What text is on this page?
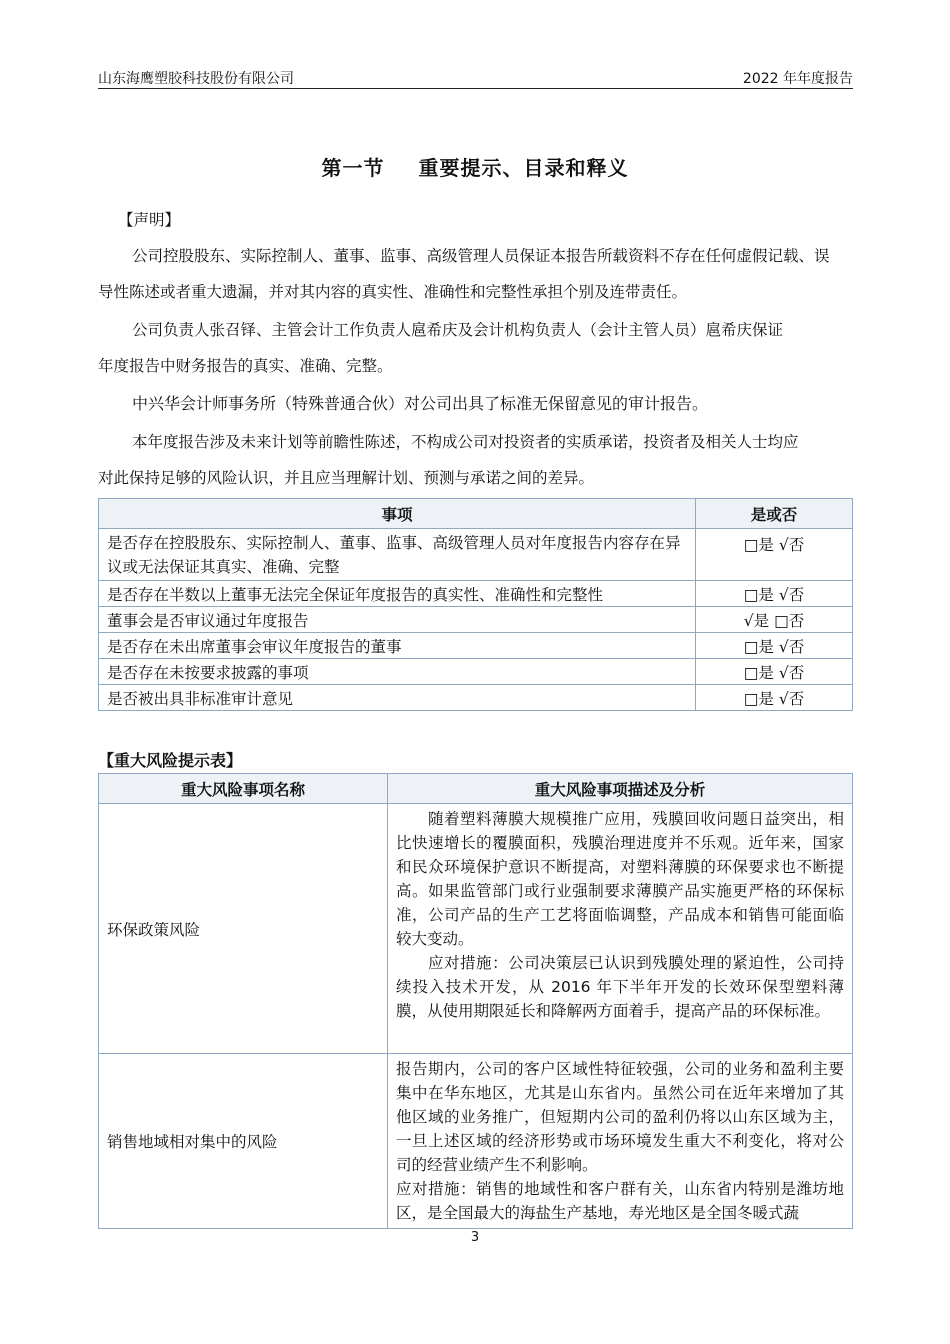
山东海鹰塑胶科技股份有限公司	2022 年年度报告
第一节 重要提示、目录和释义
【声明】
公司控股股东、实际控制人、董事、监事、高级管理人员保证本报告所载资料不存在任何虚假记载、误
导性陈述或者重大遗漏，并对其内容的真实性、准确性和完整性承担个别及连带责任。
公司负责人张召铎、主管会计工作负责人扈希庆及会计机构负责人（会计主管人员）扈希庆保证
年度报告中财务报告的真实、准确、完整。
中兴华会计师事务所（特殊普通合伙）对公司出具了标准无保留意见的审计报告。
本年度报告涉及未来计划等前瞻性陈述，不构成公司对投资者的实质承诺，投资者及相关人士均应
对此保持足够的风险认识，并且应当理解计划、预测与承诺之间的差异。
事项	是或否
是否存在控股股东、实际控制人、董事、监事、高级管理人员对年度报告内容存在异议或无法保证其真实、准确、完整	□是 √否
是否存在半数以上董事无法完全保证年度报告的真实性、准确性和完整性	□是 √否
董事会是否审议通过年度报告	√是 □否
是否存在未出席董事会审议年度报告的董事	□是 √否
是否存在未按要求披露的事项	□是 √否
是否被出具非标准审计意见	□是 √否
【重大风险提示表】
重大风险事项名称	重大风险事项描述及分析
环保政策风险	随着塑料薄膜大规模推广应用，残膜回收问题日益突出，相比快速增长的覆膜面积，残膜治理进度并不乐观。近年来，国家和民众环境保护意识不断提高，对塑料薄膜的环保要求也不断提高。如果监管部门或行业强制要求薄膜产品实施更严格的环保标准，公司产品的生产工艺将面临调整，产品成本和销售可能面临较大变动。

应对措施：公司决策层已认识到残膜处理的紧迫性，公司持续投入技术开发，从 2016 年下半年开发的长效环保型塑料薄膜，从使用期限延长和降解两方面着手，提高产品的环保标准。

销售地域相对集中的风险	报告期内，公司的客户区域性特征较强，公司的业务和盈利主要集中在华东地区，尤其是山东省内。虽然公司在近年来增加了其他区域的业务推广，但短期内公司的盈利仍将以山东区域为主，一旦上述区域的经济形势或市场环境发生重大不利变化，将对公司的经营业绩产生不利影响。

应对措施：销售的地域性和客户群有关，山东省内特别是潍坊地区，是全国最大的海盐生产基地，寿光地区是全国冬暖式蔬

3
